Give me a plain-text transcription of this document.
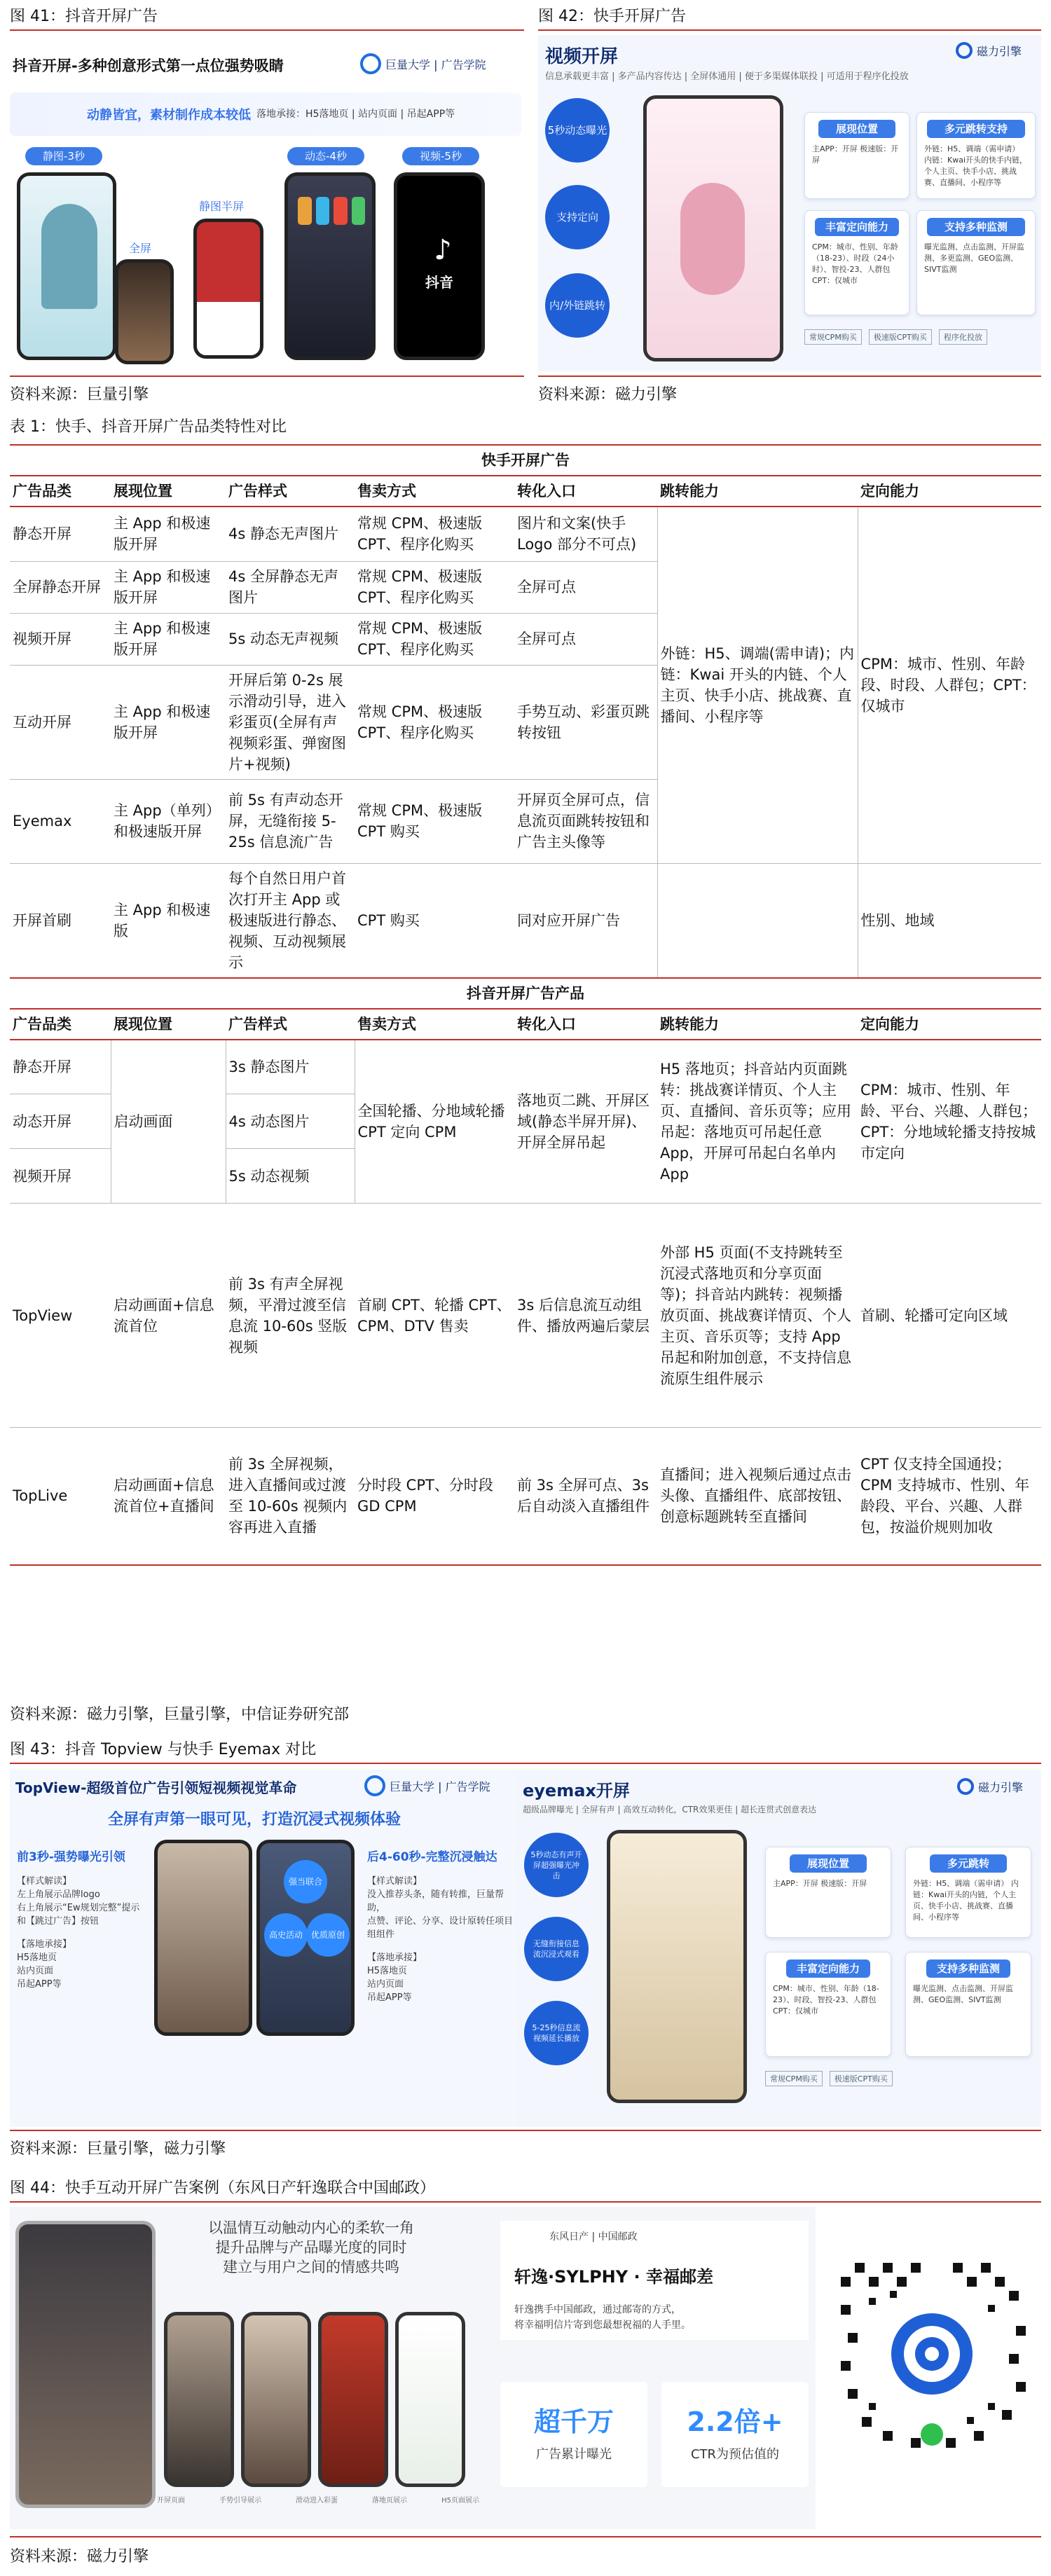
图 41：抖音开屏广告
抖音开屏-多种创意形式第一点位强势吸睛	巨量大学 | 广告学院
动静皆宜，素材制作成本较低 落地承接：H5落地页 | 站内页面 | 吊起APP等
静图-3秒
全屏
静图半屏
动态-4秒	视频-5秒
♪
抖音
资料来源：巨量引擎
图 42：快手开屏广告
视频开屏
信息承载更丰富 | 多产品内容传达 | 全屏体通用 | 便于多渠媒体联投 | 可适用于程序化投放
磁力引擎
5秒动态曝光
支持定向
内/外链跳转
展现位置
主APP：开屏 极速版：开屏
多元跳转支持
外链：H5、调端（需申请） 内链：Kwai开头的快手内链，个人主页、快手小店、挑战赛、直播间、小程序等
丰富定向能力
CPM：城市、性别、年龄（18-23）、时段（24小时）、智投-23、人群包 CPT：仅城市
支持多种监测
曝光监测、点击监测、开屏监测、多更监测、GEO监测、SIVT监测
常规CPM购买	极速版CPT购买	程序化投放
资料来源：磁力引擎
表 1：快手、抖音开屏广告品类特性对比
快手开屏广告						
广告品类	展现位置	广告样式	售卖方式	转化入口	跳转能力	定向能力
静态开屏	主 App 和极速版开屏	4s 静态无声图片	常规 CPM、极速版 CPT、程序化购买	图片和文案(快手 Logo 部分不可点)	外链：H5、调端(需申请)；内链：Kwai 开头的内链、个人主页、快手小店、挑战赛、直播间、小程序等	CPM：城市、性别、年龄段、时段、人群包；CPT：仅城市
全屏静态开屏	主 App 和极速版开屏	4s 全屏静态无声图片	常规 CPM、极速版 CPT、程序化购买	全屏可点		
视频开屏	主 App 和极速版开屏	5s 动态无声视频	常规 CPM、极速版 CPT、程序化购买	全屏可点		
互动开屏	主 App 和极速版开屏	开屏后第 0-2s 展示滑动引导，进入彩蛋页(全屏有声视频彩蛋、弹窗图片+视频)	常规 CPM、极速版 CPT、程序化购买	手势互动、彩蛋页跳转按钮		
Eyemax	主 App（单列）和极速版开屏	前 5s 有声动态开屏，无缝衔接 5-25s 信息流广告	常规 CPM、极速版 CPT 购买	开屏页全屏可点，信息流页面跳转按钮和广告主头像等		
开屏首刷	主 App 和极速版	每个自然日用户首次打开主 App 或极速版进行静态、视频、互动视频展示	CPT 购买	同对应开屏广告		性别、地域
抖音开屏广告产品						
广告品类	展现位置	广告样式	售卖方式	转化入口	跳转能力	定向能力
静态开屏	启动画面	3s 静态图片	全国轮播、分地域轮播 CPT 定向 CPM	落地页二跳、开屏区域(静态半屏开屏)、开屏全屏吊起	H5 落地页；抖音站内页面跳转：挑战赛详情页、个人主页、直播间、音乐页等；应用吊起：落地页可吊起任意 App，开屏可吊起白名单内 App	CPM：城市、性别、年龄、平台、兴趣、人群包；CPT：分地域轮播支持按城市定向
动态开屏		4s 动态图片				
视频开屏		5s 动态视频				
TopView	启动画面+信息流首位	前 3s 有声全屏视频，平滑过渡至信息流 10-60s 竖版视频	首刷 CPT、轮播 CPT、CPM、DTV 售卖	3s 后信息流互动组件、播放两遍后蒙层	外部 H5 页面(不支持跳转至沉浸式落地页和分享页面等)；抖音站内跳转：视频播放页面、挑战赛详情页、个人主页、音乐页等；支持 App 吊起和附加创意，不支持信息流原生组件展示	首刷、轮播可定向区域
TopLive	启动画面+信息流首位+直播间	前 3s 全屏视频，进入直播间或过渡至 10-60s 视频内容再进入直播	分时段 CPT、分时段 GD CPM	前 3s 全屏可点、3s 后自动淡入直播组件	直播间；进入视频后通过点击头像、直播组件、底部按钮、创意标题跳转至直播间	CPT 仅支持全国通投；CPM 支持城市、性别、年龄段、平台、兴趣、人群包，按溢价规则加收
资料来源：磁力引擎，巨量引擎，中信证券研究部
图 43：抖音 Topview 与快手 Eyemax 对比
TopView-超级首位广告引领短视频视觉革命	巨量大学 | 广告学院
全屏有声第一眼可见，打造沉浸式视频体验
前3秒-强势曝光引领
【样式解读】
左上角展示品牌logo
右上角展示“Ew规划完整”提示
和【跳过广告】按钮
【落地承接】
H5落地页
站内页面
吊起APP等
强当联合
高史活动 优质原创
后4-60秒-完整沉浸触达
【样式解读】
没入推荐头条，随有转推，巨量帮助，
点赞、评论、分享、设计原转任项目
组组件
【落地承接】
H5落地页
站内页面
吊起APP等
eyemax开屏
超级品牌曝光 | 全屏有声 | 高效互动转化，CTR效果更佳 | 超长连贯式创意表达
磁力引擎
5秒动态有声开屏超强曝光冲击
无缝衔接信息流沉浸式观看
5-25秒信息流视频延长播放
展现位置
主APP：开屏 极速版：开屏
多元跳转
外链：H5、调端（需申请） 内链：Kwai开头的内链，个人主页、快手小店、挑战赛、直播间、小程序等
丰富定向能力
CPM：城市、性别、年龄（18-23）、时段、智投-23、人群包 CPT：仅城市
支持多种监测
曝光监测、点击监测、开屏监测、GEO监测、SIVT监测
常规CPM购买	极速版CPT购买
资料来源：巨量引擎，磁力引擎
图 44：快手互动开屏广告案例（东风日产轩逸联合中国邮政）
以温情互动触动内心的柔软一角
提升品牌与产品曝光度的同时
建立与用户之间的情感共鸣
开屏页面	手势引导展示	滑动进入彩蛋	落地页展示	H5页面展示
东风日产 | 中国邮政
轩逸·SYLPHY · 幸福邮差
轩逸携手中国邮政，通过邮寄的方式，
将幸福明信片寄到您最想祝福的人手里。
超千万
广告累计曝光
2.2倍+
CTR为预估值的
资料来源：磁力引擎
